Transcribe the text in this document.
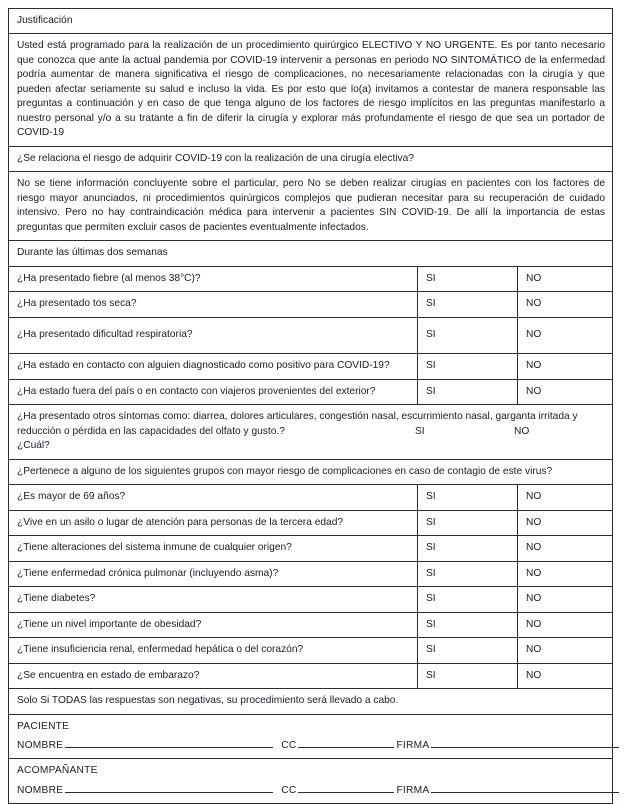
Justificación		

Usted está programado para la realización de un procedimiento quirúrgico ELECTIVO Y NO URGENTE. Es por tanto necesario que conozca que ante la actual pandemia por COVID-19 intervenir a personas en periodo NO SINTOMÁTICO de la enfermedad podría aumentar de manera significativa el riesgo de complicaciones, no necesariamente relacionadas con la cirugía y que pueden afectar seriamente su salud e incluso la vida. Es por esto que lo(a) invitamos a contestar de manera responsable las preguntas a continuación y en caso de que tenga alguno de los factores de riesgo implícitos en las preguntas manifestarlo a nuestro personal y/o a su tratante a fin de diferir la cirugía y explorar más profundamente el riesgo de que sea un portador de COVID-19		

¿Se relaciona el riesgo de adquirir COVID-19 con la realización de una cirugía electiva?		

No se tiene información concluyente sobre el particular, pero No se deben realizar cirugías en pacientes con los factores de riesgo mayor anunciados, ni procedimientos quirúrgicos complejos que pudieran necesitar para su recuperación de cuidado intensivo. Pero no hay contraindicación médica para intervenir a pacientes SIN COVID-19. De allí la importancia de estas preguntas que permiten excluir casos de pacientes eventualmente infectados.		

Durante las últimas dos semanas		
¿Ha presentado fiebre (al menos 38°C)?	SI	NO
¿Ha presentado tos seca?	SI	NO
¿Ha presentado dificultad respiratoria?	SI	NO
¿Ha estado en contacto con alguien diagnosticado como positivo para COVID-19?	SI	NO
¿Ha estado fuera del país o en contacto con viajeros provenientes del exterior?	SI	NO

¿Ha presentado otros síntomas como: diarrea, dolores articulares, congestión nasal, escurrimiento nasal, garganta irritada y
reducción o pérdida en las capacidades del olfato y gusto.? SI NO
¿Cuál?		

¿Pertenece a alguno de los siguientes grupos con mayor riesgo de complicaciones en caso de contagio de este virus?		
¿Es mayor de 69 años?	SI	NO
¿Vive en un asilo o lugar de atención para personas de la tercera edad?	SI	NO
¿Tiene alteraciones del sistema inmune de cualquier origen?	SI	NO
¿Tiene enfermedad crónica pulmonar (incluyendo asma)?	SI	NO
¿Tiene diabetes?	SI	NO
¿Tiene un nivel importante de obesidad?	SI	NO
¿Tiene insuficiencia renal, enfermedad hepática o del corazón?	SI	NO
¿Se encuentra en estado de embarazo?	SI	NO
Solo Si TODAS las respuestas son negativas, su procedimiento será llevado a cabo.		

PACIENTE
NOMBRE CC FIRMA		

ACOMPAÑANTE
NOMBRE CC FIRMA		
